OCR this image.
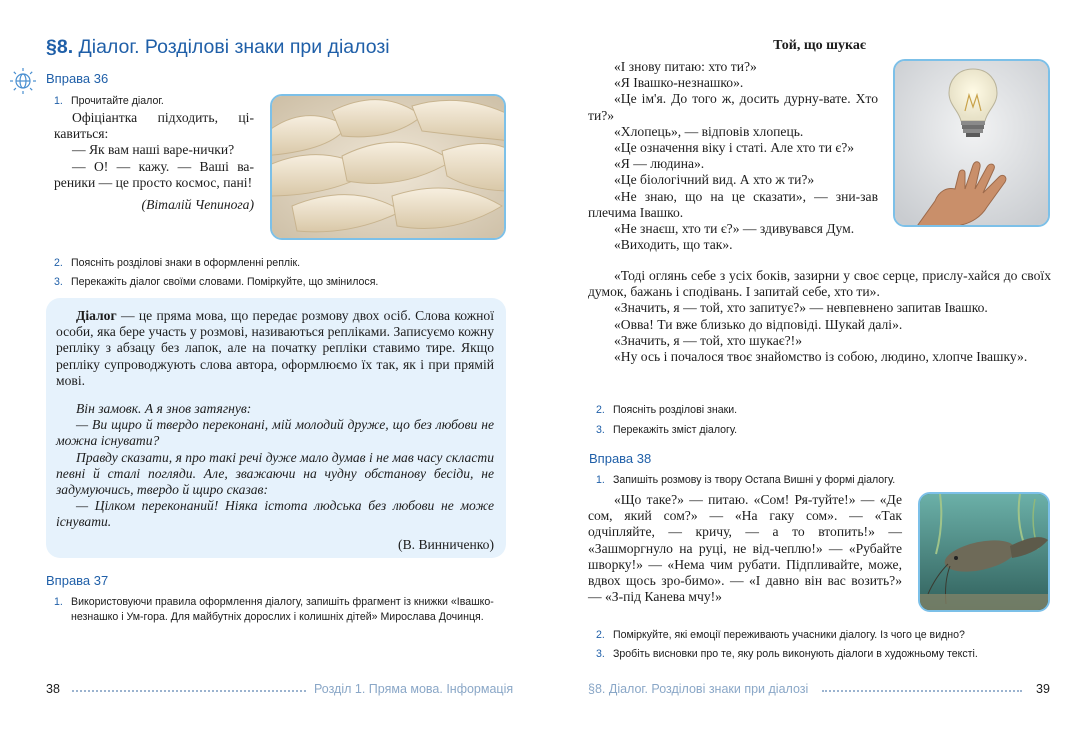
§8. Діалог. Розділові знаки при діалозі
Вправа 36
1. Прочитайте діалог.

Офіціантка підходить, ці-кавиться:

— Як вам наші варе-нички?

— О! — кажу. — Ваші ва-реники — це просто космос, пані!

(Віталій Чепинога)

2. Поясніть розділові знаки в оформленні реплік.
3. Перекажіть діалог своїми словами. Поміркуйте, що змінилося.
Діалог — це пряма мова, що передає розмову двох осіб. Слова кожної особи, яка бере участь у розмові, називаються репліками. Записуємо кожну репліку з абзацу без лапок, але на початку репліки ставимо тире. Якщо репліку супроводжують слова автора, оформлюємо їх так, як і при прямій мові.

Він замовк. А я знов затягнув:

— Ви щиро й твердо переконані, мій молодий друже, що без любови не можна існувати?

Правду сказати, я про такі речі дуже мало думав і не мав часу скласти певні й сталі погляди. Але, зважаючи на чудну обстанову бесіди, не задумуючись, твердо й щиро сказав:

— Цілком переконаний! Ніяка істота людська без любови не може існувати.

(В. Винниченко)
Вправа 37
1. Використовуючи правила оформлення діалогу, запишіть фрагмент із книжки «Івашко-незнашко і Ум-гора. Для майбутніх дорослих і колишніх дітей» Мирослава Дочинця.
38	Розділ 1. Пряма мова. Інформація
Той, що шукає

«І знову питаю: хто ти?»

«Я Івашко-незнашко».

«Це ім'я. До того ж, досить дурну-вате. Хто ти?»

«Хлопець», — відповів хлопець.

«Це означення віку і статі. Але хто ти є?»

«Я — людина».

«Це біологічний вид. А хто ж ти?»

«Не знаю, що на це сказати», — зни-зав плечима Івашко.

«Не знаєш, хто ти є?» — здивувався Дум.

«Виходить, що так».

«Тоді оглянь себе з усіх боків, зазирни у своє серце, прислу-хайся до своїх думок, бажань і сподівань. І запитай себе, хто ти».

«Значить, я — той, хто запитує?» — невпевнено запитав Івашко.

«Овва! Ти вже близько до відповіді. Шукай далі».

«Значить, я — той, хто шукає?!»

«Ну ось і почалося твоє знайомство із собою, людино, хлопче Івашку».

2. Поясніть розділові знаки.
3. Перекажіть зміст діалогу.
Вправа 38
1. Запишіть розмову із твору Остапа Вишні у формі діалогу.

«Що таке?» — питаю. «Сом! Ря-туйте!» — «Де сом, який сом?» — «На гаку сом». — «Так одчіпляйте, — кричу, — а то втопить!» — «Зашморгнуло на руці, не від-чеплю!» — «Рубайте шворку!» — «Нема чим рубати. Підпливайте, може, вдвох щось зро-бимо». — «І давно він вас возить?» — «З-під Канева мчу!»

2. Поміркуйте, які емоції переживають учасники діалогу. Із чого це видно?
3. Зробіть висновки про те, яку роль виконують діалоги в художньому тексті.
§8. Діалог. Розділові знаки при діалозі	39
